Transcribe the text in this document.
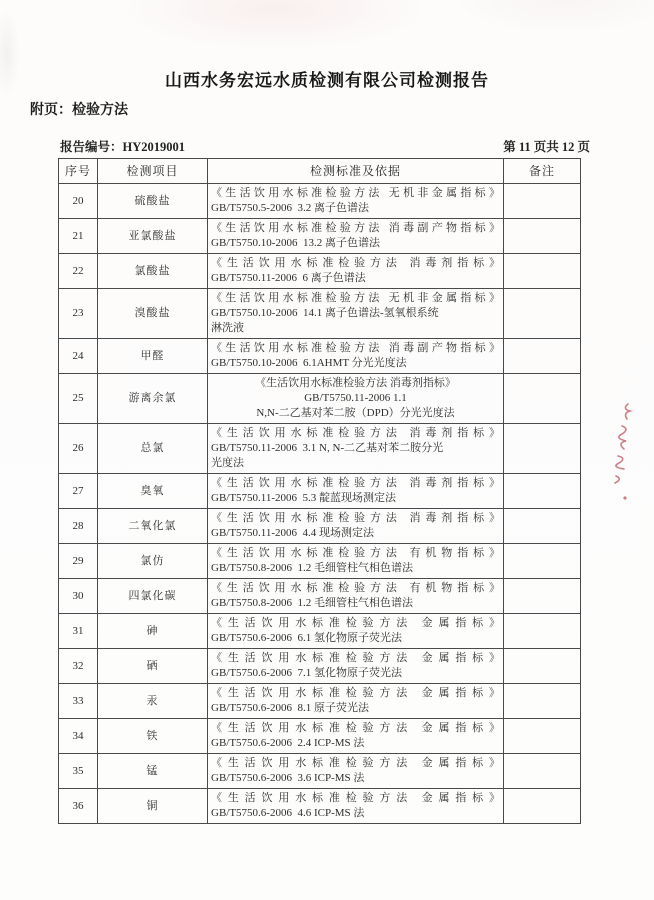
山西水务宏远水质检测有限公司检测报告
附页：检验方法
报告编号：HY2019001	第 11 页共 12 页
序号	检测项目	检测标准及依据	备注
20	硫酸盐	《生活饮用水标准检验方法 无机非金属指标》
GB/T5750.5-2006  3.2 离子色谱法	

21	亚氯酸盐	《生活饮用水标准检验方法 消毒副产物指标》
GB/T5750.10-2006  13.2 离子色谱法	

22	氯酸盐	《生活饮用水标准检验方法 消毒剂指标》
GB/T5750.11-2006  6 离子色谱法	

23	溴酸盐	《生活饮用水标准检验方法 无机非金属指标》
GB/T5750.10-2006  14.1 离子色谱法-氢氧根系统
淋洗液	

24	甲醛	《生活饮用水标准检验方法 消毒副产物指标》
GB/T5750.10-2006  6.1AHMT 分光光度法	

25	游离余氯	《生活饮用水标准检验方法 消毒剂指标》
GB/T5750.11-2006 1.1
N,N-二乙基对苯二胺（DPD）分光光度法	

26	总氯	《生活饮用水标准检验方法 消毒剂指标》
GB/T5750.11-2006  3.1 N, N-二乙基对苯二胺分光
光度法	

27	臭氧	《生活饮用水标准检验方法 消毒剂指标》
GB/T5750.11-2006  5.3 靛蓝现场测定法	

28	二氧化氯	《生活饮用水标准检验方法 消毒剂指标》
GB/T5750.11-2006  4.4 现场测定法	

29	氯仿	《生活饮用水标准检验方法 有机物指标》
GB/T5750.8-2006  1.2 毛细管柱气相色谱法	

30	四氯化碳	《生活饮用水标准检验方法 有机物指标》
GB/T5750.8-2006  1.2 毛细管柱气相色谱法	

31	砷	《生活饮用水标准检验方法 金属指标》
GB/T5750.6-2006  6.1 氢化物原子荧光法	

32	硒	《生活饮用水标准检验方法 金属指标》
GB/T5750.6-2006  7.1 氢化物原子荧光法	

33	汞	《生活饮用水标准检验方法 金属指标》
GB/T5750.6-2006  8.1 原子荧光法	

34	铁	《生活饮用水标准检验方法 金属指标》
GB/T5750.6-2006  2.4 ICP-MS 法	

35	锰	《生活饮用水标准检验方法 金属指标》
GB/T5750.6-2006  3.6 ICP-MS 法	

36	铜	《生活饮用水标准检验方法 金属指标》
GB/T5750.6-2006  4.6 ICP-MS 法	
